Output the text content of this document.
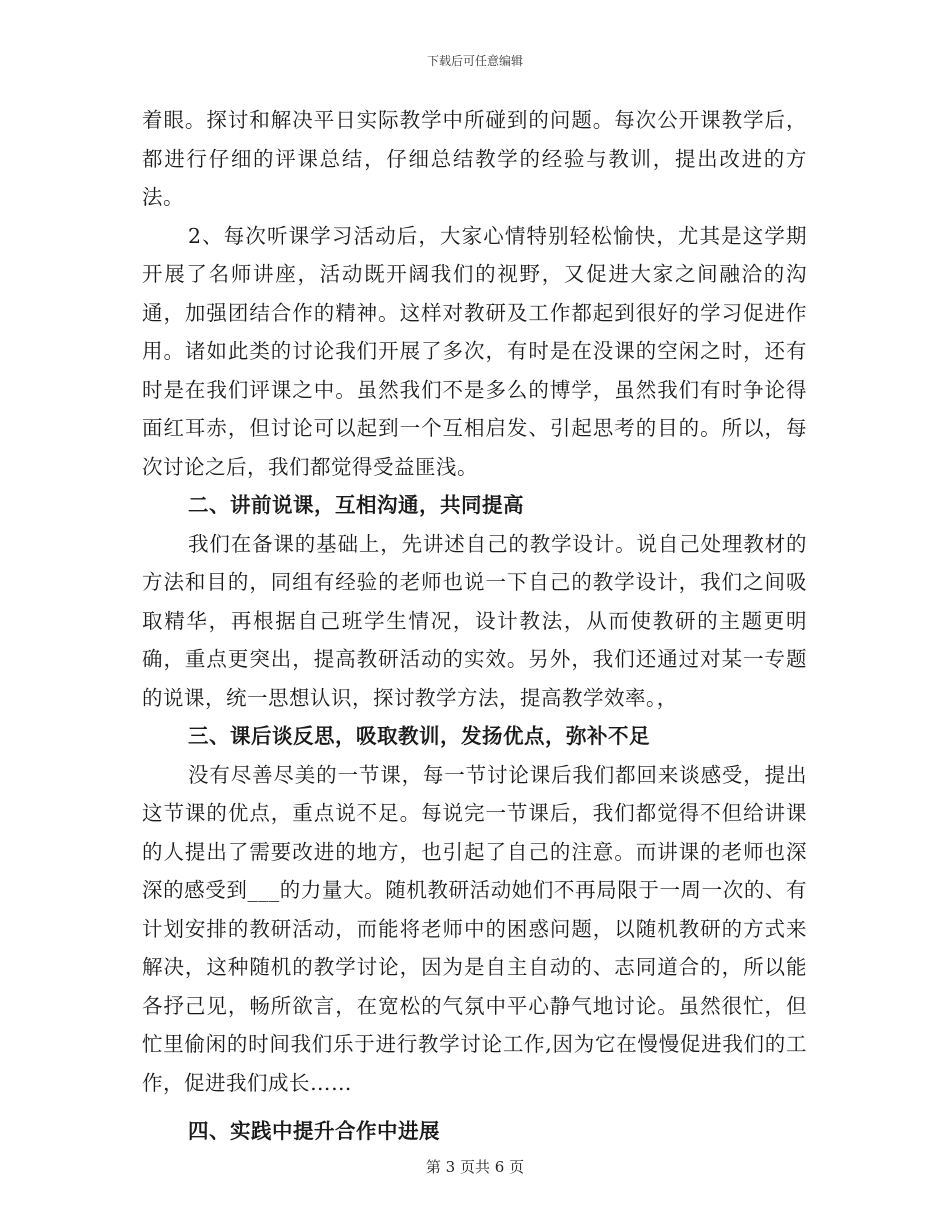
下载后可任意编辑

着眼。探讨和解决平日实际教学中所碰到的问题。每次公开课教学后，都进行仔细的评课总结，仔细总结教学的经验与教训，提出改进的方法。

2、每次听课学习活动后，大家心情特别轻松愉快，尤其是这学期开展了名师讲座，活动既开阔我们的视野，又促进大家之间融洽的沟通，加强团结合作的精神。这样对教研及工作都起到很好的学习促进作用。诸如此类的讨论我们开展了多次，有时是在没课的空闲之时，还有时是在我们评课之中。虽然我们不是多么的博学，虽然我们有时争论得面红耳赤，但讨论可以起到一个互相启发、引起思考的目的。所以，每次讨论之后，我们都觉得受益匪浅。

二、讲前说课，互相沟通，共同提高

我们在备课的基础上，先讲述自己的教学设计。说自己处理教材的方法和目的，同组有经验的老师也说一下自己的教学设计，我们之间吸取精华，再根据自己班学生情况，设计教法，从而使教研的主题更明确，重点更突出，提高教研活动的实效。另外，我们还通过对某一专题的说课，统一思想认识，探讨教学方法，提高教学效率。，

三、课后谈反思，吸取教训，发扬优点，弥补不足

没有尽善尽美的一节课，每一节讨论课后我们都回来谈感受，提出这节课的优点，重点说不足。每说完一节课后，我们都觉得不但给讲课的人提出了需要改进的地方，也引起了自己的注意。而讲课的老师也深深的感受到___的力量大。随机教研活动她们不再局限于一周一次的、有计划安排的教研活动，而能将老师中的困惑问题，以随机教研的方式来解决，这种随机的教学讨论，因为是自主自动的、志同道合的，所以能各抒己见，畅所欲言，在宽松的气氛中平心静气地讨论。虽然很忙，但忙里偷闲的时间我们乐于进行教学讨论工作,因为它在慢慢促进我们的工作，促进我们成长……

四、实践中提升合作中进展

第 3 页共 6 页
